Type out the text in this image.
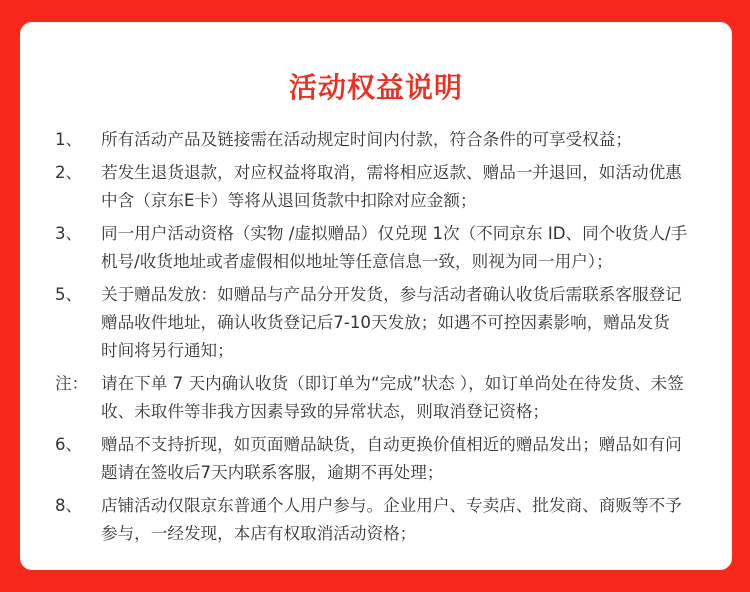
活动权益说明
1、 所有活动产品及链接需在活动规定时间内付款，符合条件的可享受权益；
2、 若发生退货退款，对应权益将取消，需将相应返款、赠品一并退回，如活动优惠
中含（京东E卡）等将从退回货款中扣除对应金额；
3、 同一用户活动资格（实物 /虚拟赠品）仅兑现 1次（不同京东 ID、同个收货人/手
机号/收货地址或者虚假相似地址等任意信息一致，则视为同一用户）；
5、 关于赠品发放：如赠品与产品分开发货，参与活动者确认收货后需联系客服登记
赠品收件地址，确认收货登记后7-10天发放；如遇不可控因素影响，赠品发货
时间将另行通知；
注： 请在下单 7 天内确认收货（即订单为“完成”状态 ），如订单尚处在待发货、未签
收、未取件等非我方因素导致的异常状态，则取消登记资格；
6、 赠品不支持折现，如页面赠品缺货，自动更换价值相近的赠品发出；赠品如有问
题请在签收后7天内联系客服，逾期不再处理；
8、 店铺活动仅限京东普通个人用户参与。企业用户、专卖店、批发商、商贩等不予
参与，一经发现，本店有权取消活动资格；
